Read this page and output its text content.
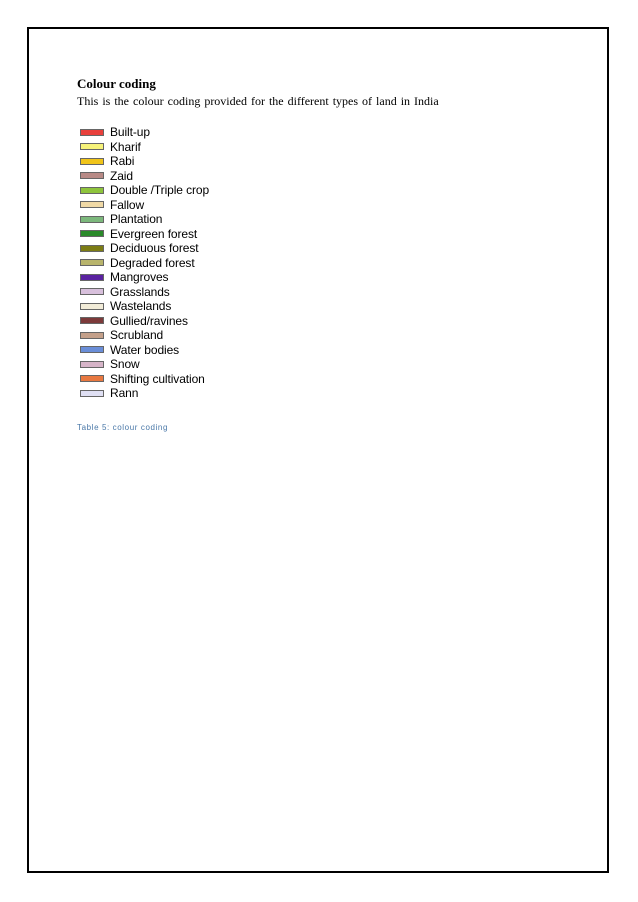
Colour coding

This is the colour coding provided for the different types of land in India

Built-up
Kharif
Rabi
Zaid
Double /Triple crop
Fallow
Plantation
Evergreen forest
Deciduous forest
Degraded forest
Mangroves
Grasslands
Wastelands
Gullied/ravines
Scrubland
Water bodies
Snow
Shifting cultivation
Rann

Table 5: colour coding
